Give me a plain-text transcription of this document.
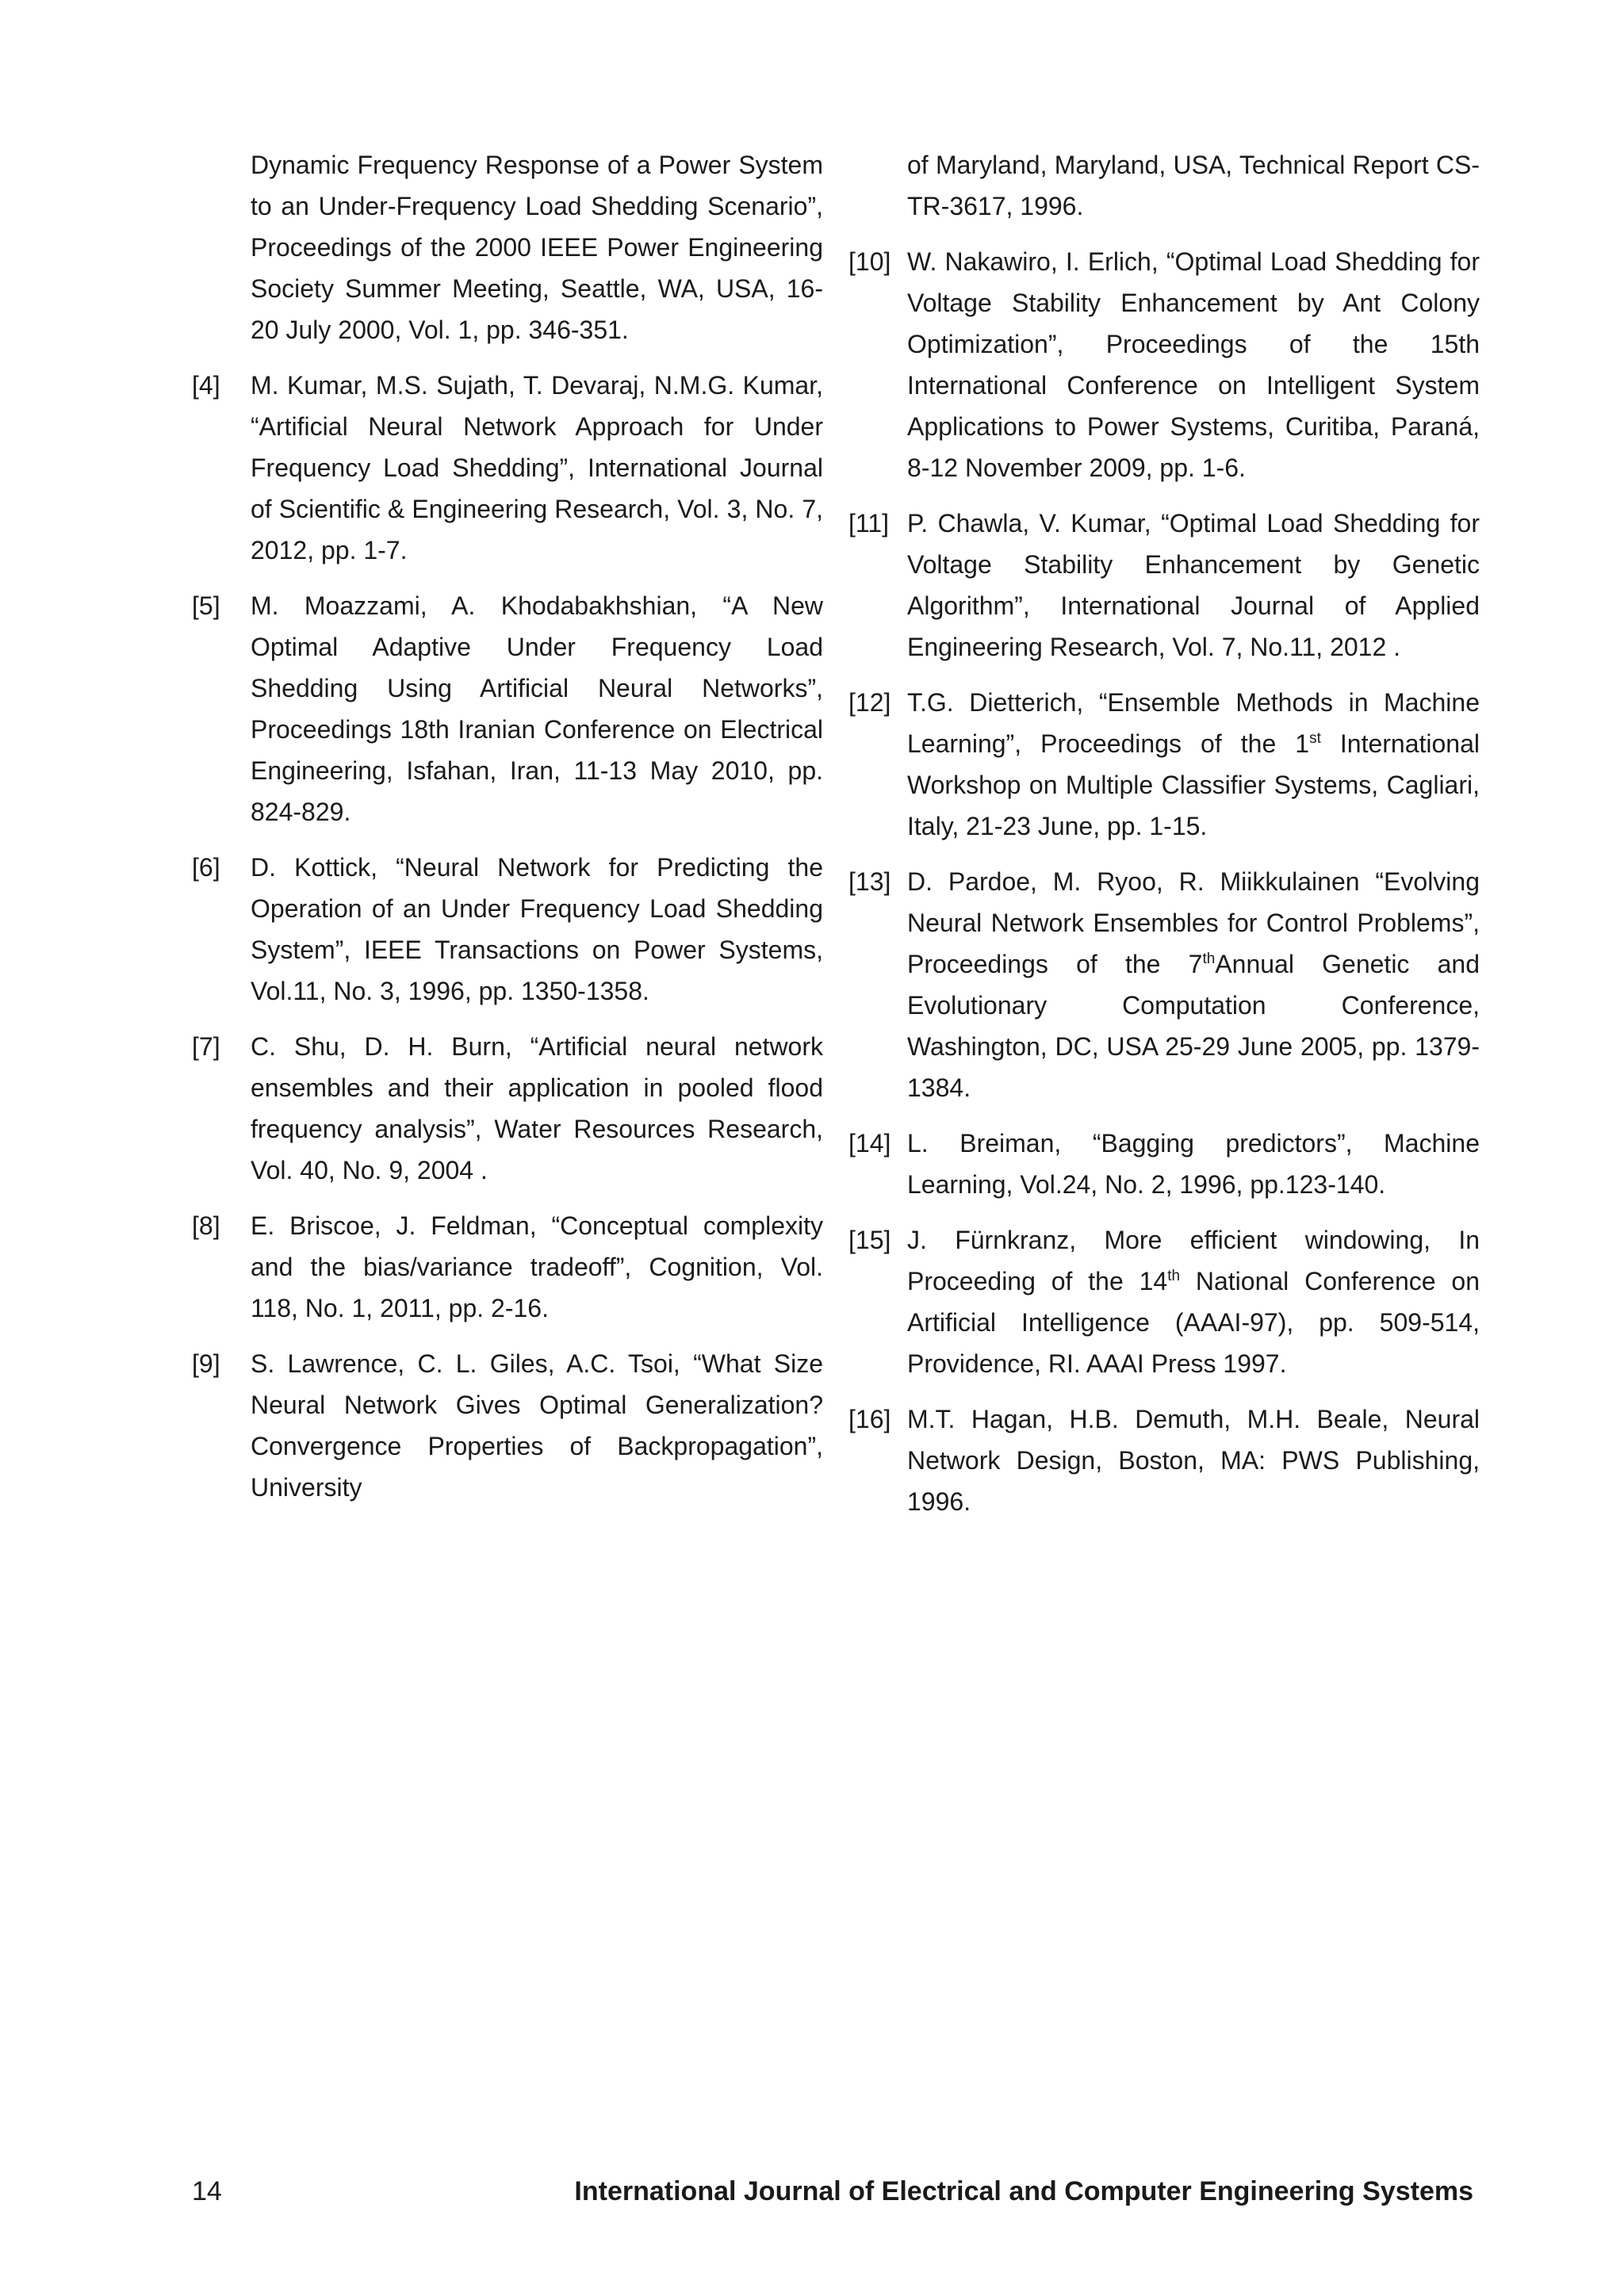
Dynamic Frequency Response of a Power System to an Under-Frequency Load Shedding Scenario”, Proceedings of the 2000 IEEE Power Engineering Society Summer Meeting, Seattle, WA, USA, 16-20 July 2000, Vol. 1, pp. 346-351.
[4]	M. Kumar, M.S. Sujath, T. Devaraj, N.M.G. Kumar, “Artificial Neural Network Approach for Under Frequency Load Shedding”, International Journal of Scientific & Engineering Research, Vol. 3, No. 7, 2012, pp. 1-7.
[5]	M. Moazzami, A. Khodabakhshian, “A New Optimal Adaptive Under Frequency Load Shedding Using Artificial Neural Networks”, Proceedings 18th Iranian Conference on Electrical Engineering, Isfahan, Iran, 11-13 May 2010, pp. 824-829.
[6]	D. Kottick, “Neural Network for Predicting the Operation of an Under Frequency Load Shedding System”, IEEE Transactions on Power Systems, Vol.11, No. 3, 1996, pp. 1350-1358.
[7]	C. Shu, D. H. Burn, “Artificial neural network ensembles and their application in pooled flood frequency analysis”, Water Resources Research, Vol. 40, No. 9, 2004 .
[8]	E. Briscoe, J. Feldman, “Conceptual complexity and the bias/variance tradeoff”, Cognition, Vol. 118, No. 1, 2011, pp. 2-16.
[9]	S. Lawrence, C. L. Giles, A.C. Tsoi, “What Size Neural Network Gives Optimal Generalization? Convergence Properties of Backpropagation”, University
of Maryland, Maryland, USA, Technical Report CS-TR-3617, 1996.
[10] W. Nakawiro, I. Erlich, “Optimal Load Shedding for Voltage Stability Enhancement by Ant Colony Optimization”, Proceedings of the 15th International Conference on Intelligent System Applications to Power Systems, Curitiba, Paraná, 8-12 November 2009, pp. 1-6.
[11] P. Chawla, V. Kumar, “Optimal Load Shedding for Voltage Stability Enhancement by Genetic Algorithm”, International Journal of Applied Engineering Research, Vol. 7, No.11, 2012 .
[12] T.G. Dietterich, “Ensemble Methods in Machine Learning”, Proceedings of the 1st International Workshop on Multiple Classifier Systems, Cagliari, Italy, 21-23 June, pp. 1-15.
[13] D. Pardoe, M. Ryoo, R. Miikkulainen “Evolving Neural Network Ensembles for Control Problems”, Proceedings of the 7thAnnual Genetic and Evolutionary Computation Conference, Washington, DC, USA 25-29 June 2005, pp. 1379-1384.
[14] L. Breiman, “Bagging predictors”, Machine Learning, Vol.24, No. 2, 1996, pp.123-140.
[15] J. Fürnkranz, More efficient windowing, In Proceeding of the 14th National Conference on Artificial Intelligence (AAAI-97), pp. 509-514, Providence, RI. AAAI Press 1997.
[16] M.T. Hagan, H.B. Demuth, M.H. Beale, Neural Network Design, Boston, MA: PWS Publishing, 1996.
14	International Journal of Electrical and Computer Engineering Systems
